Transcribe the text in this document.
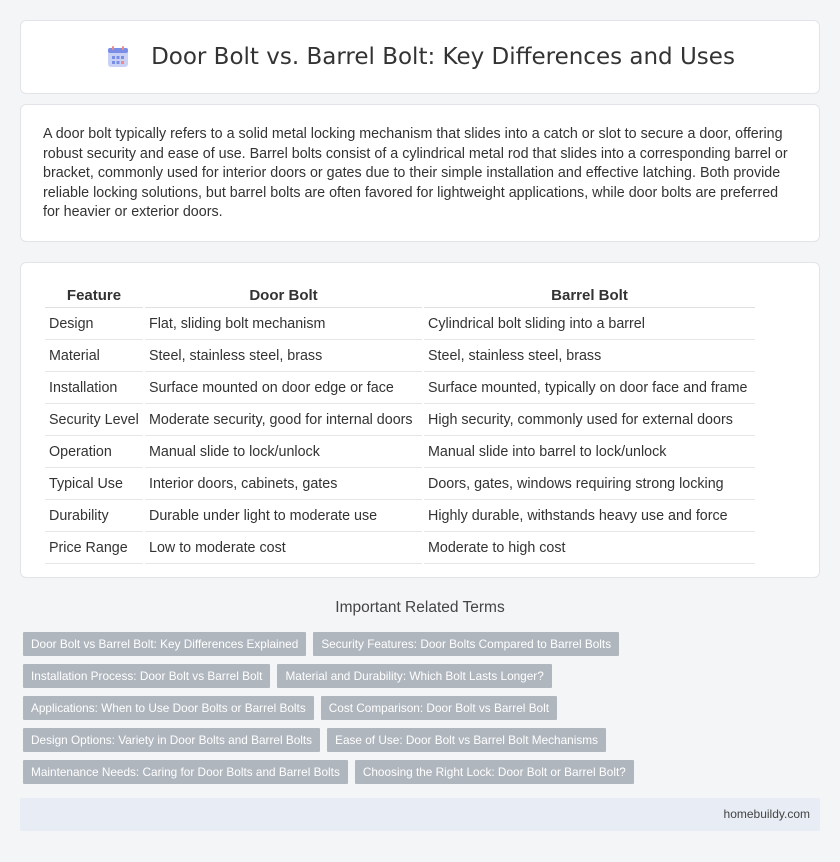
Door Bolt vs. Barrel Bolt: Key Differences and Uses

A door bolt typically refers to a solid metal locking mechanism that slides into a catch or slot to secure a door, offering robust security and ease of use. Barrel bolts consist of a cylindrical metal rod that slides into a corresponding barrel or bracket, commonly used for interior doors or gates due to their simple installation and effective latching. Both provide reliable locking solutions, but barrel bolts are often favored for lightweight applications, while door bolts are preferred for heavier or exterior doors.

Feature	Door Bolt	Barrel Bolt
Design	Flat, sliding bolt mechanism	Cylindrical bolt sliding into a barrel
Material	Steel, stainless steel, brass	Steel, stainless steel, brass
Installation	Surface mounted on door edge or face	Surface mounted, typically on door face and frame
Security Level	Moderate security, good for internal doors	High security, commonly used for external doors
Operation	Manual slide to lock/unlock	Manual slide into barrel to lock/unlock
Typical Use	Interior doors, cabinets, gates	Doors, gates, windows requiring strong locking
Durability	Durable under light to moderate use	Highly durable, withstands heavy use and force
Price Range	Low to moderate cost	Moderate to high cost
Important Related Terms
Door Bolt vs Barrel Bolt: Key Differences Explained	Security Features: Door Bolts Compared to Barrel Bolts
Installation Process: Door Bolt vs Barrel Bolt	Material and Durability: Which Bolt Lasts Longer?
Applications: When to Use Door Bolts or Barrel Bolts	Cost Comparison: Door Bolt vs Barrel Bolt
Design Options: Variety in Door Bolts and Barrel Bolts	Ease of Use: Door Bolt vs Barrel Bolt Mechanisms
Maintenance Needs: Caring for Door Bolts and Barrel Bolts	Choosing the Right Lock: Door Bolt or Barrel Bolt?
homebuildy.com
